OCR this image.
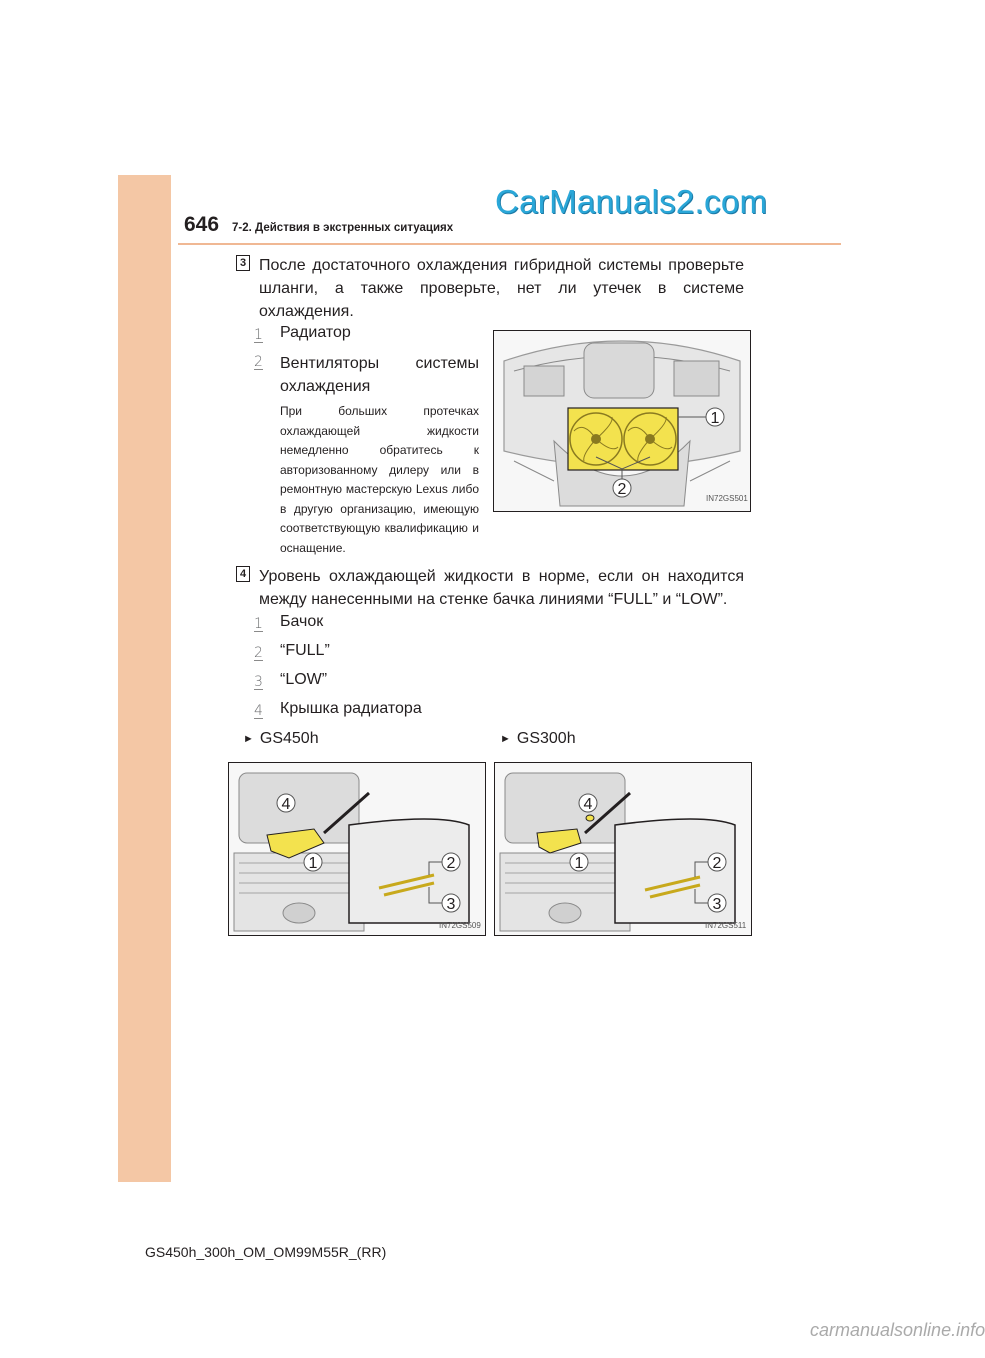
646 7-2. Действия в экстренных ситуациях
CarManuals2.com
3 После достаточного охлаждения гибридной системы проверьте шланги, а также проверьте, нет ли утечек в системе охлаждения.
1 Радиатор
2 Вентиляторы системы охлаждения
При больших протечках охлаждающей жидкости немедленно обратитесь к авторизованному дилеру или в ремонтную мастерскую Lexus либо в другую организацию, имеющую соответствующую квалификацию и оснащение.
1
2
IN72GS501
4 Уровень охлаждающей жидкости в норме, если он находится между нанесенными на стенке бачка линиями “FULL” и “LOW”.
1 Бачок
2 “FULL”
3 “LOW”
4 Крышка радиатора
► GS450h	► GS300h
4
1	2
3
IN72GS509
4
1	2
3
IN72GS511
GS450h_300h_OM_OM99M55R_(RR)
carmanualsonline.info
